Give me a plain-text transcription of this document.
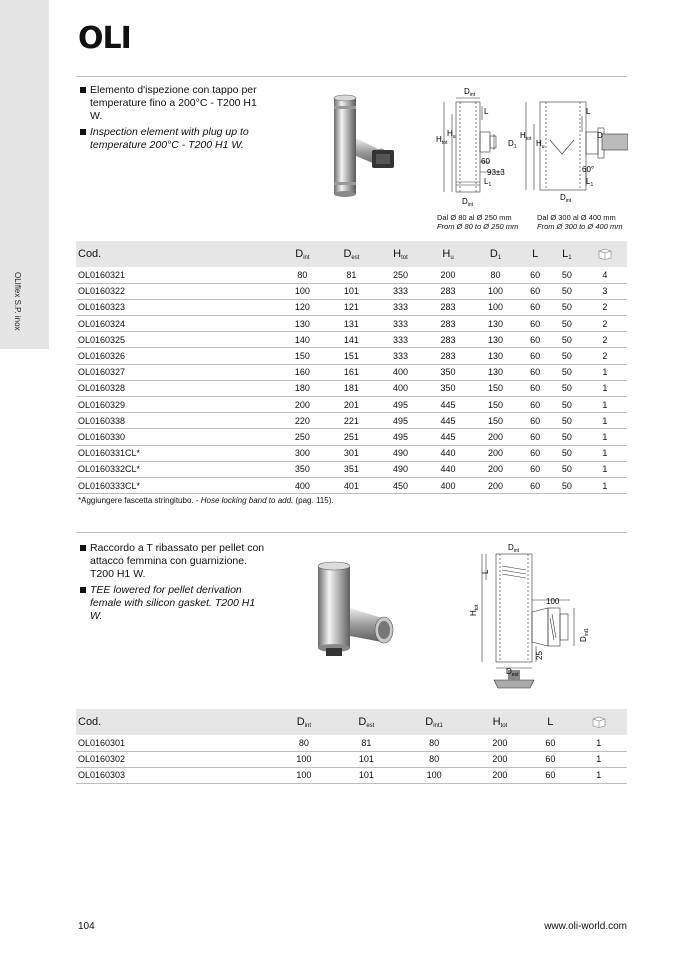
OLIflex S.P. inox
OLI
Elemento d'ispezione con tappo per temperature fino a 200°C - T200 H1 W.
Inspection element with plug up to temperature 200°C - T200 H1 W.
$D_{int}$
L
$H_{tot}$
$H_u$
$D_1$
60
93±3
$L_1$
$D_{int}$
L
$H_{tot}$ $H_u$
D
60°
$L_1$
$D_{int}$
Dal Ø 80 al Ø 250 mm
From Ø 80 to Ø 250 mm
Dal Ø 300 al Ø 400 mm
From Ø 300 to Ø 400 mm
Cod.	$D_{int}$	$D_{est}$	$H_{tot}$	$H_u$	$D_1$	L	$L_1$	
OL0160321	80	81	250	200	80	60	50	4
OL0160322	100	101	333	283	100	60	50	3
OL0160323	120	121	333	283	100	60	50	2
OL0160324	130	131	333	283	130	60	50	2
OL0160325	140	141	333	283	130	60	50	2
OL0160326	150	151	333	283	130	60	50	2
OL0160327	160	161	400	350	130	60	50	1
OL0160328	180	181	400	350	150	60	50	1
OL0160329	200	201	495	445	150	60	50	1
OL0160338	220	221	495	445	150	60	50	1
OL0160330	250	251	495	445	200	60	50	1
OL0160331CL*	300	301	490	440	200	60	50	1
OL0160332CL*	350	351	490	440	200	60	50	1
OL0160333CL*	400	401	450	400	200	60	50	1
*Aggiungere fascetta stringitubo. - Hose locking band to add. (pag. 115).
Raccordo a T ribassato per pellet con attacco femmina con guarnizione. T200 H1 W.
TEE lowered for pellet derivation female with silicon gasket. T200 H1 W.
$D_{int}$
L
$H_{tot}$
100
$D_{int1}$
25
$D_{est}$
Cod.	$D_{int}$	$D_{est}$	$D_{int1}$	$H_{tot}$	L	
OL0160301	80	81	80	200	60	1
OL0160302	100	101	80	200	60	1
OL0160303	100	101	100	200	60	1
104	www.oli-world.com
